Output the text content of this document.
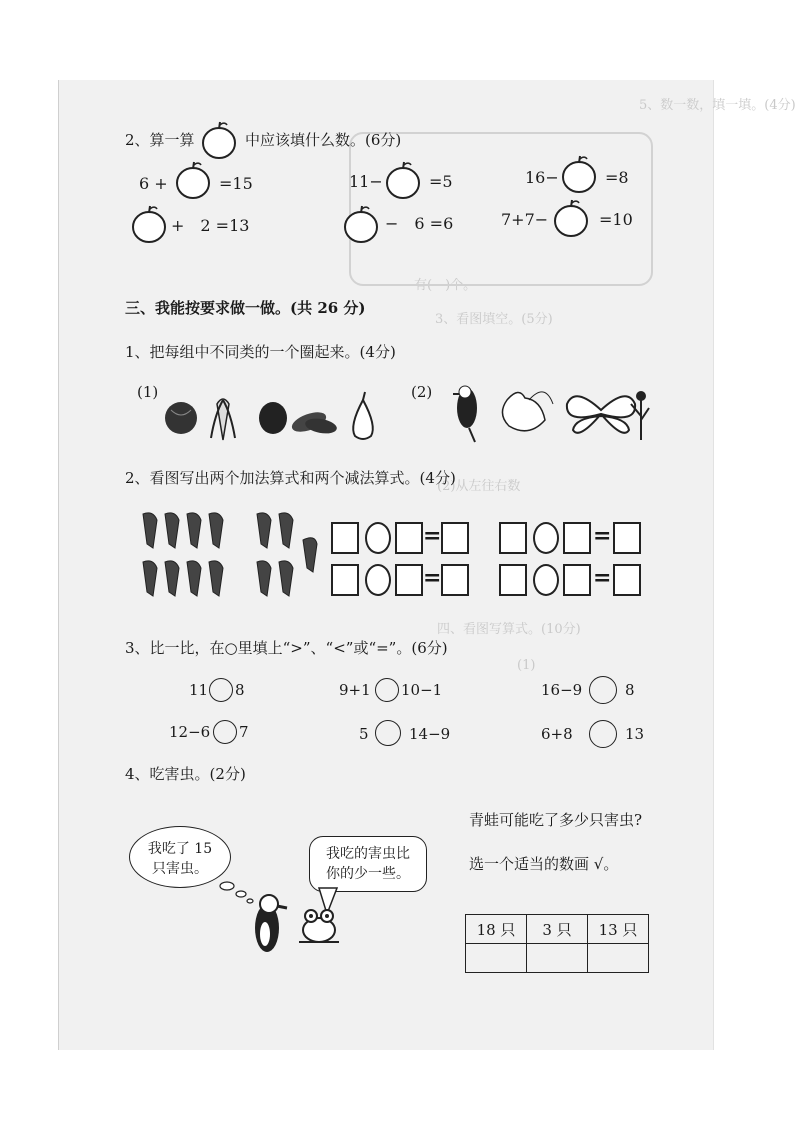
5、数一数，填一填。(4分)
有(　)个。
3、看图填空。(5分)
(2)从左往右数
四、看图写算式。(10分)
(1)
2、算一算	中应该填什么数。(6分)
6 +	=15	11−	=5	16−	=8
+　2 =13	−　6 =6	7+7−	=10
三、我能按要求做一做。(共 26 分)
1、把每组中不同类的一个圈起来。(4分)
(1)	(2)
2、看图写出两个加法算式和两个减法算式。(4分)
=	=
=	=
3、比一比，在○里填上“>”、“<”或“=”。(6分)
11 8	9+1 10−1	16−9	8
12−6 7	5	14−9	6+8	13
4、吃害虫。(2分)
我吃了 15
只害虫。
我吃的害虫比
你的少一些。
青蛙可能吃了多少只害虫?
选一个适当的数画 √。
18 只	3 只	13 只
